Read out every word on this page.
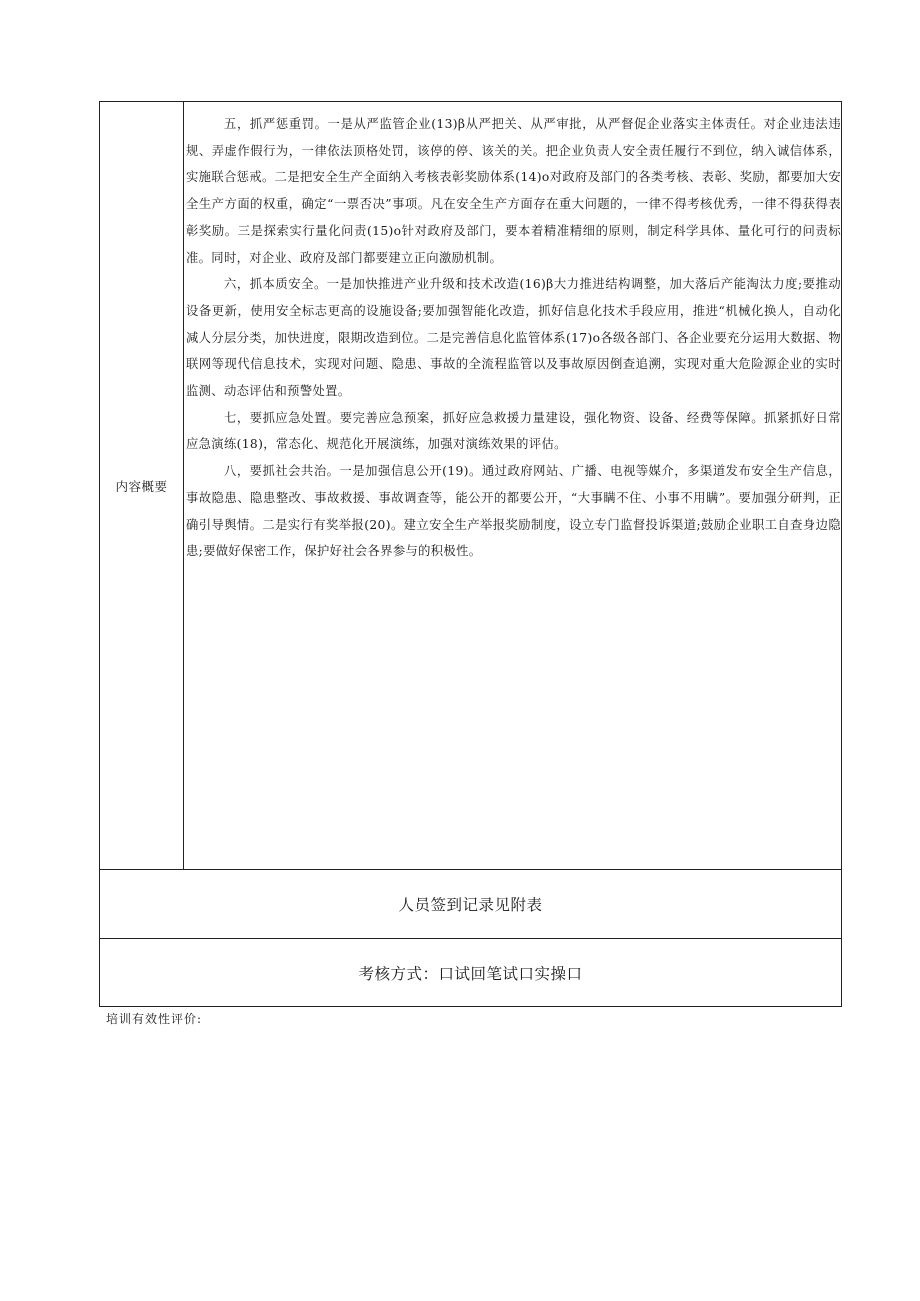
内容概要

五，抓严惩重罚。一是从严监管企业(13)β从严把关、从严审批，从严督促企业落实主体责任。对企业违法违规、弄虚作假行为，一律依法顶格处罚，该停的停、该关的关。把企业负责人安全责任履行不到位，纳入诚信体系，实施联合惩戒。二是把安全生产全面纳入考核表彰奖励体系(14)o对政府及部门的各类考核、表彰、奖励，都要加大安全生产方面的权重，确定“一票否决”事项。凡在安全生产方面存在重大问题的，一律不得考核优秀，一律不得获得表彰奖励。三是探索实行量化问责(15)o针对政府及部门，要本着精准精细的原则，制定科学具体、量化可行的问责标准。同时，对企业、政府及部门都要建立正向激励机制。

六，抓本质安全。一是加快推进产业升级和技术改造(16)β大力推进结构调整，加大落后产能淘汰力度;要推动设备更新，使用安全标志更高的设施设备;要加强智能化改造，抓好信息化技术手段应用，推进“机械化换人，自动化减人分层分类，加快进度，限期改造到位。二是完善信息化监管体系(17)o各级各部门、各企业要充分运用大数据、物联网等现代信息技术，实现对问题、隐患、事故的全流程监管以及事故原因倒查追溯，实现对重大危险源企业的实时监测、动态评估和预警处置。

七，要抓应急处置。要完善应急预案，抓好应急救援力量建设，强化物资、设备、经费等保障。抓紧抓好日常应急演练(18)，常态化、规范化开展演练，加强对演练效果的评估。

八，要抓社会共治。一是加强信息公开(19)。通过政府网站、广播、电视等媒介，多渠道发布安全生产信息，事故隐患、隐患整改、事故救援、事故调查等，能公开的都要公开，“大事瞒不住、小事不用瞒”。要加强分研判，正确引导舆情。二是实行有奖举报(20)。建立安全生产举报奖励制度，设立专门监督投诉渠道;鼓励企业职工自查身边隐患;要做好保密工作，保护好社会各界参与的积极性。

人员签到记录见附表
考核方式：口试回笔试口实操口
培训有效性评价:
